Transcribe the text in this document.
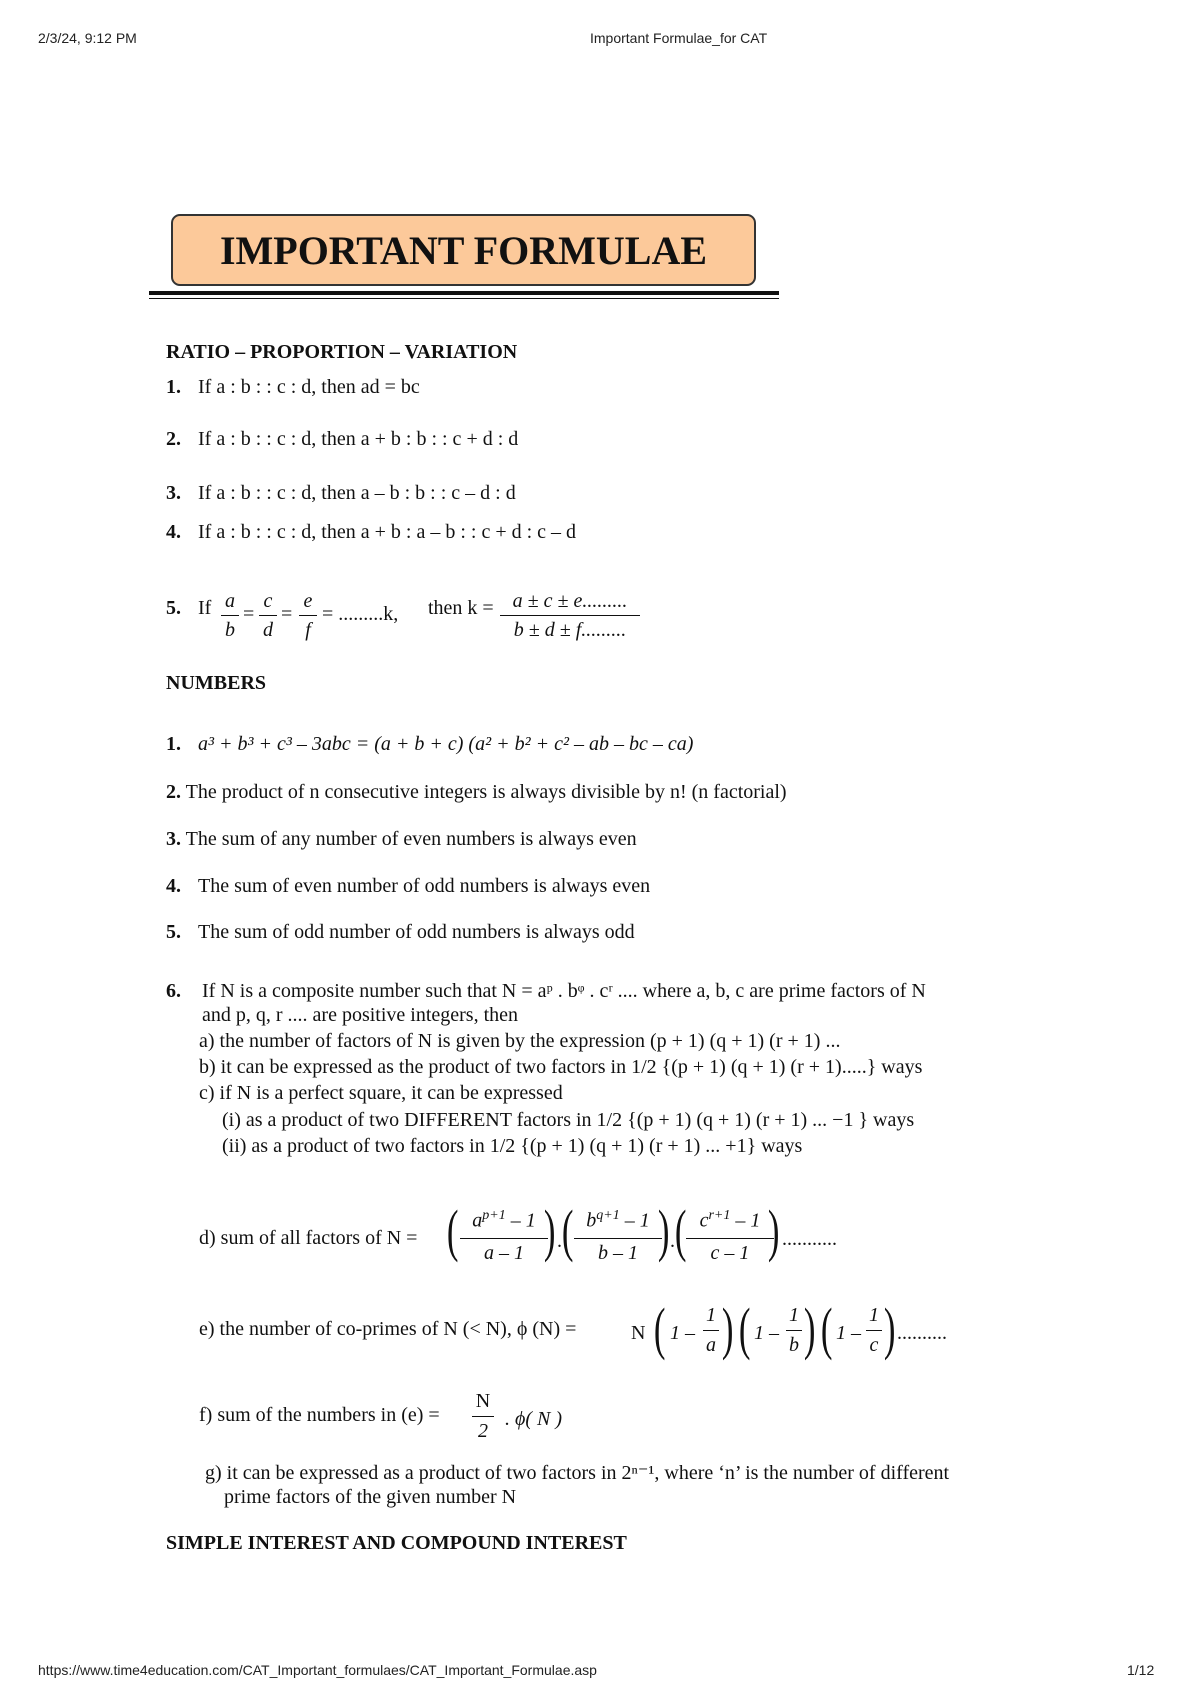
2/3/24, 9:12 PM	Important Formulae_for CAT
https://www.time4education.com/CAT_Important_formulaes/CAT_Important_Formulae.asp	1/12
IMPORTANT FORMULAE
RATIO – PROPORTION – VARIATION
1. If a : b : : c : d, then ad = bc
2. If a : b : : c : d, then a + b : b : : c + d : d
3. If a : b : : c : d, then a – b : b : : c – d : d
4. If a : b : : c : d, then a + b : a – b : : c + d : c – d
5. If a
b
=
c
d
=
e
f
= .........k, then k = a ± c ± e.........
b ± d ± f.........
NUMBERS
1. a³ + b³ + c³ – 3abc = (a + b + c) (a² + b² + c² – ab – bc – ca)
2. The product of n consecutive integers is always divisible by n! (n factorial)
3. The sum of any number of even numbers is always even
4. The sum of even number of odd numbers is always even
5. The sum of odd number of odd numbers is always odd
6. If N is a composite number such that N = aᵖ . bᵠ . cʳ .... where a, b, c are prime factors of N
and p, q, r .... are positive integers, then
a) the number of factors of N is given by the expression (p + 1) (q + 1) (r + 1) ...
b) it can be expressed as the product of two factors in 1/2 {(p + 1) (q + 1) (r + 1).....} ways
c) if N is a perfect square, it can be expressed
(i) as a product of two DIFFERENT factors in 1/2 {(p + 1) (q + 1) (r + 1) ... −1 } ways
(ii) as a product of two factors in 1/2 {(p + 1) (q + 1) (r + 1) ... +1} ways
d) sum of all factors of N = ( $a^{p+1} - 1$
a – 1 ) . ( $b^{q+1} - 1$
b – 1 ) . ( $c^{r+1} - 1$
c – 1 ) ...........
e) the number of co-primes of N (< N), ϕ (N) =	N ( 1 –
1
a ) ( 1 –
1
b ) ( 1 –
1
c ) ..........
f) sum of the numbers in (e) =
N
2
. ϕ( N )
g) it can be expressed as a product of two factors in 2ⁿ⁻¹, where ‘n’ is the number of different
prime factors of the given number N
SIMPLE INTEREST AND COMPOUND INTEREST
